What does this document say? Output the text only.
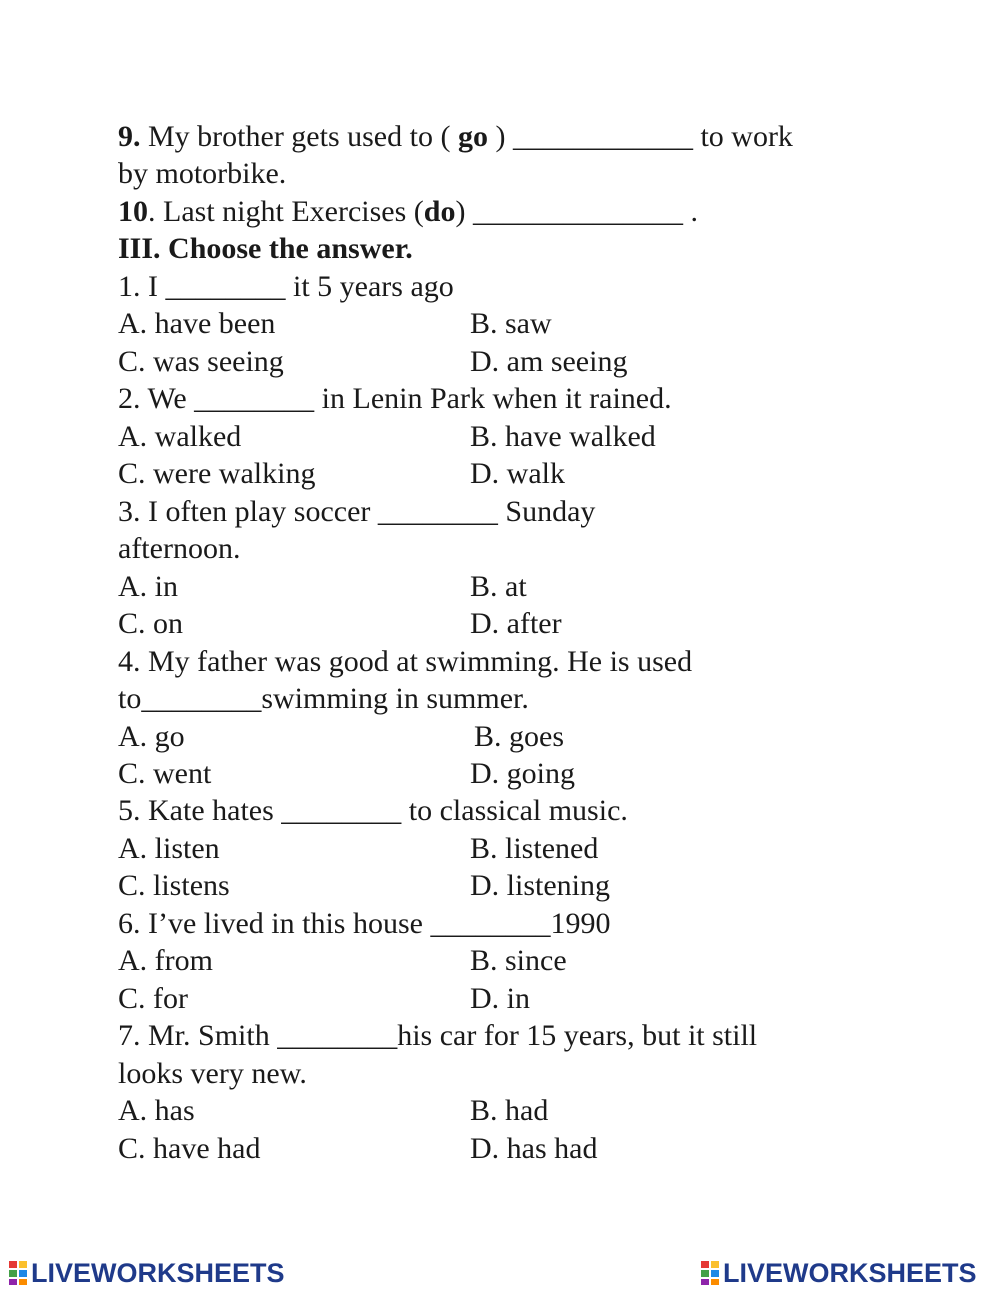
9. My brother gets used to ( go ) ____________ to work
by motorbike.
10. Last night Exercises (do) ______________ .
III. Choose the answer.
1. I ________ it 5 years ago
A. have been	B. saw
C. was seeing	D. am seeing
2. We ________ in Lenin Park when it rained.
A. walked	B. have walked
C. were walking	D. walk
3. I often play soccer ________ Sunday
afternoon.
A. in	B. at
C. on	D. after
4. My father was good at swimming. He is used
to________swimming in summer.
A. go	B. goes
C. went	D. going
5. Kate hates ________ to classical music.
A. listen	B. listened
C. listens	D. listening
6. I’ve lived in this house ________1990
A. from	B. since
C. for	D. in
7. Mr. Smith ________his car for 15 years, but it still
looks very new.
A. has	B. had
C. have had	D. has had
LIVEWORKSHEETS	LIVEWORKSHEETS
